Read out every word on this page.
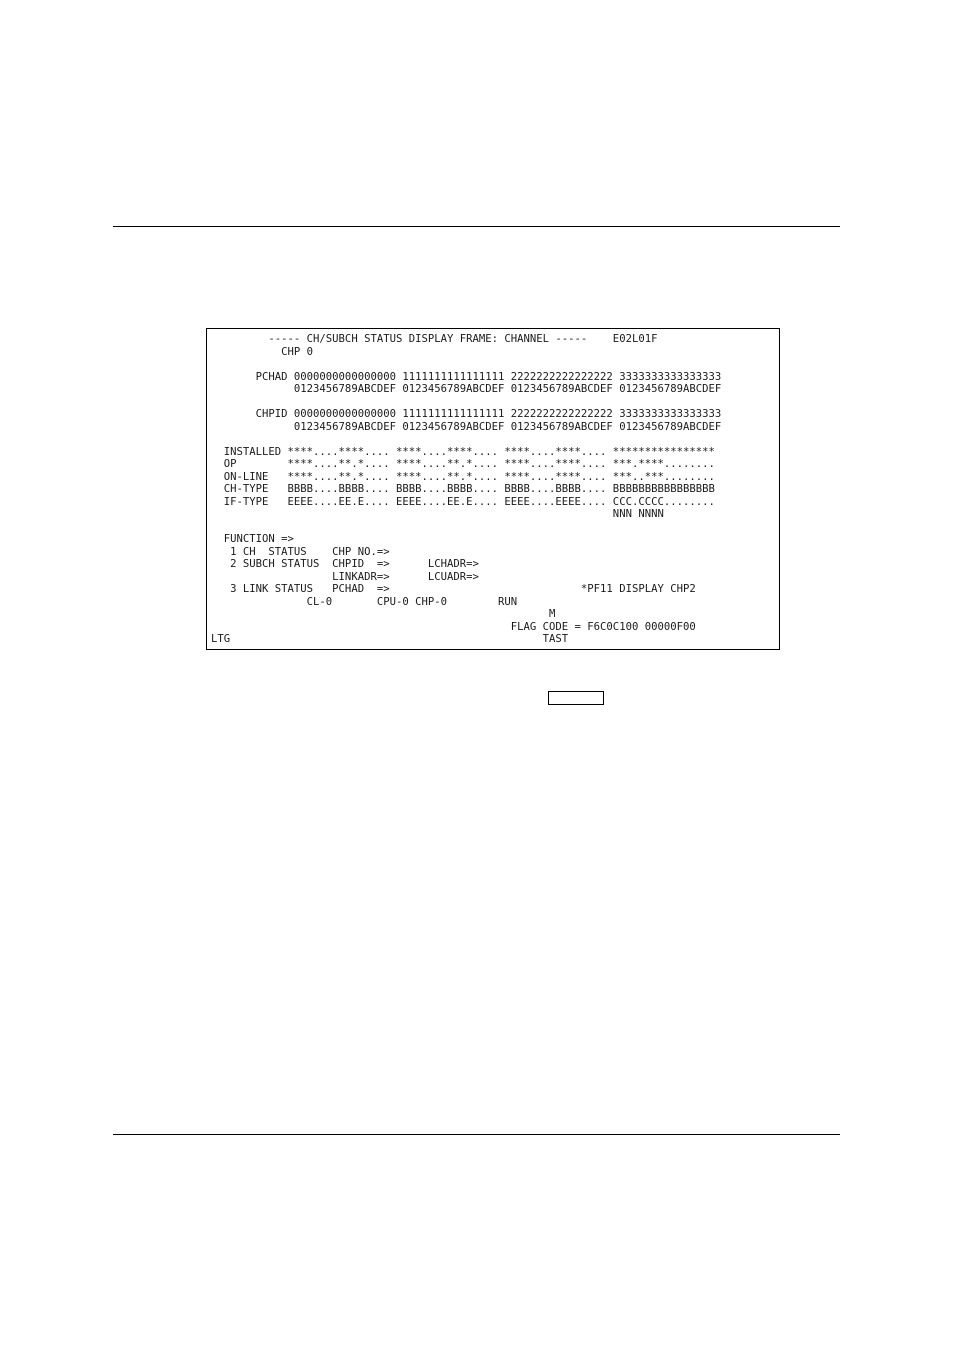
----- CH/SUBCH STATUS DISPLAY FRAME: CHANNEL -----    E02L01F
CHP 0
PCHAD 0000000000000000 1111111111111111 2222222222222222 3333333333333333
0123456789ABCDEF 0123456789ABCDEF 0123456789ABCDEF 0123456789ABCDEF
CHPID 0000000000000000 1111111111111111 2222222222222222 3333333333333333
0123456789ABCDEF 0123456789ABCDEF 0123456789ABCDEF 0123456789ABCDEF
INSTALLED ****....****.... ****....****.... ****....****.... ****************
OP        ****....**.*.... ****....**.*.... ****....****.... ***.****........
ON-LINE   ****....**.*.... ****....**.*.... ****....****.... ***..***........
CH-TYPE   BBBB....BBBB.... BBBB....BBBB.... BBBB....BBBB.... BBBBBBBBBBBBBBBB
IF-TYPE   EEEE....EE.E.... EEEE....EE.E.... EEEE....EEEE.... CCC.CCCC........
NNN NNNN
FUNCTION =>
1 CH  STATUS    CHP NO.=>
2 SUBCH STATUS  CHPID  =>      LCHADR=>
LINKADR=>      LCUADR=>
3 LINK STATUS   PCHAD  =>                              *PF11 DISPLAY CHP2
CL-0       CPU-0 CHP-0        RUN
M
FLAG CODE = F6C0C100 00000F00
LTG                                                 TAST
